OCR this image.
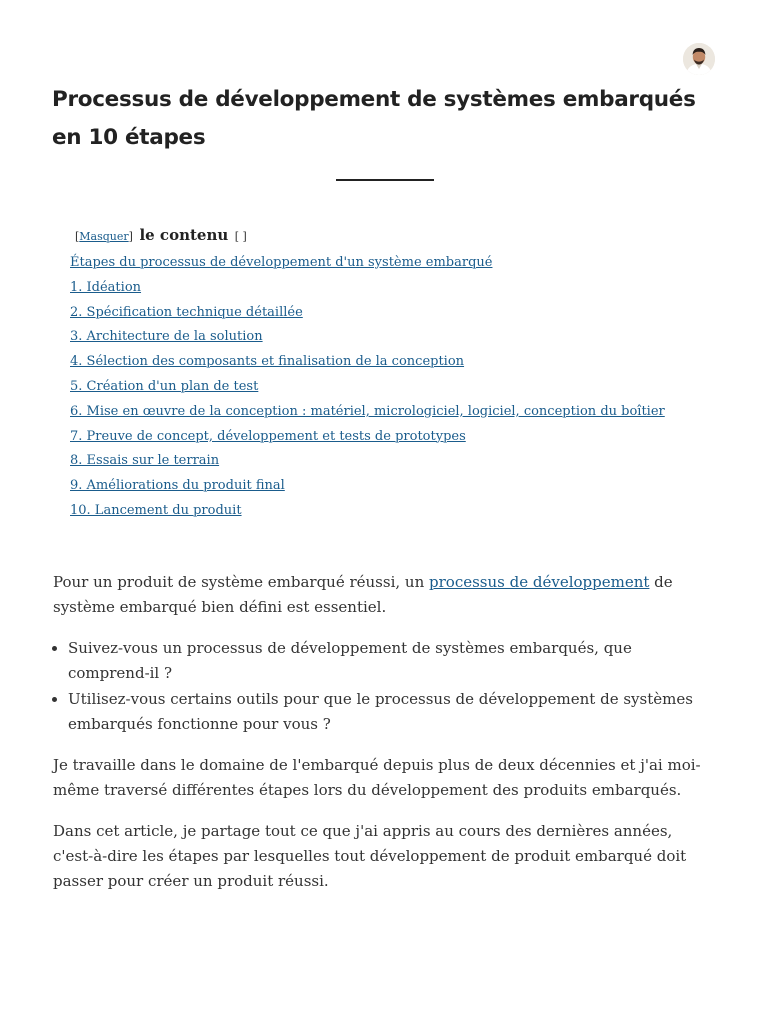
Processus de développement de systèmes embarqués en 10 étapes
[Masquer] le contenu [ ]
Étapes du processus de développement d'un système embarqué
1. Idéation
2. Spécification technique détaillée
3. Architecture de la solution
4. Sélection des composants et finalisation de la conception
5. Création d'un plan de test
6. Mise en œuvre de la conception : matériel, micrologiciel, logiciel, conception du boîtier
7. Preuve de concept, développement et tests de prototypes
8. Essais sur le terrain
9. Améliorations du produit final
10. Lancement du produit

Pour un produit de système embarqué réussi, un processus de développement de système embarqué bien défini est essentiel.

• Suivez-vous un processus de développement de systèmes embarqués, que comprend-il ?
• Utilisez-vous certains outils pour que le processus de développement de systèmes embarqués fonctionne pour vous ?

Je travaille dans le domaine de l'embarqué depuis plus de deux décennies et j'ai moi-même traversé différentes étapes lors du développement des produits embarqués.

Dans cet article, je partage tout ce que j'ai appris au cours des dernières années, c'est-à-dire les étapes par lesquelles tout développement de produit embarqué doit passer pour créer un produit réussi.
